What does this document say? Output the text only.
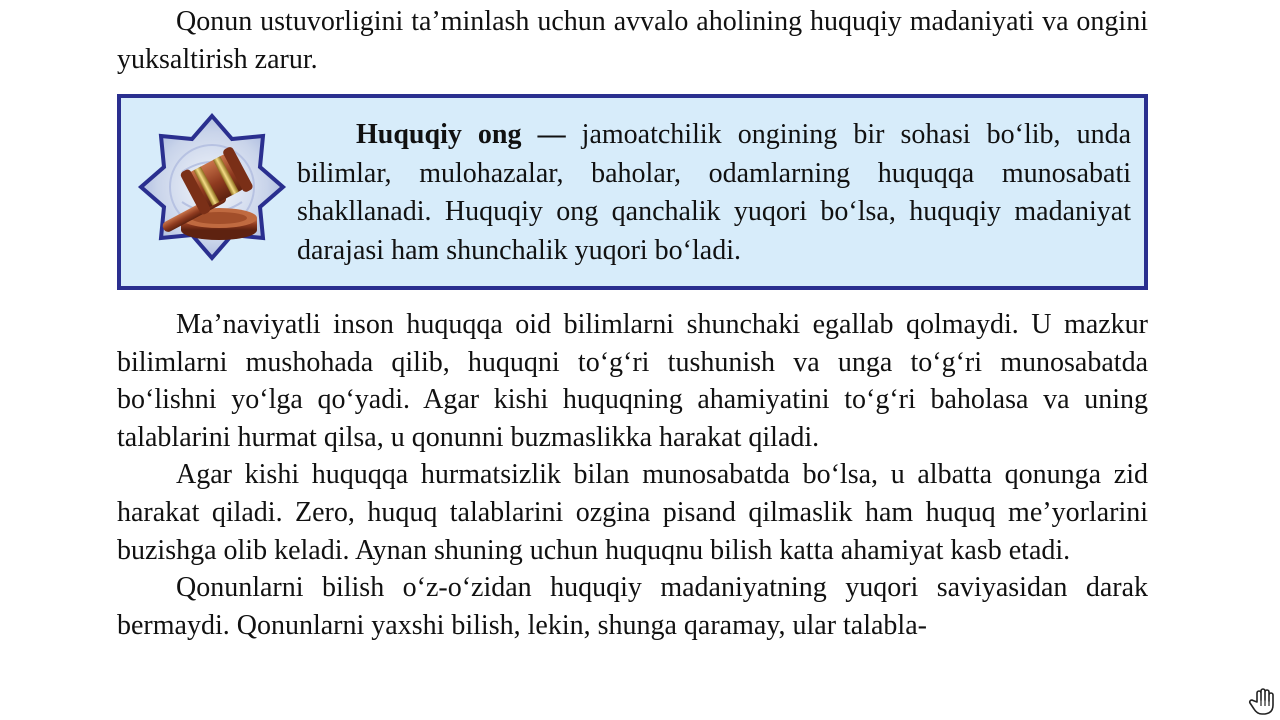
Qonun ustuvorligini ta’minlash uchun avvalo aholining huquqiy madaniyati va ongini yuksaltirish zarur.

Huquqiy ong — jamoatchilik ongining bir sohasi bo‘lib, unda bilimlar, mulohazalar, baholar, odamlarning huquqqa munosabati shakllanadi. Huquqiy ong qanchalik yuqori bo‘lsa, huquqiy madaniyat darajasi ham shunchalik yuqori bo‘ladi.

Ma’naviyatli inson huquqqa oid bilimlarni shunchaki egallab qolmaydi. U mazkur bilimlarni mushohada qilib, huquqni to‘g‘ri tushunish va unga to‘g‘ri munosabatda bo‘lishni yo‘lga qo‘yadi. Agar kishi huquqning ahamiyatini to‘g‘ri baholasa va uning talablarini hurmat qilsa, u qonunni buzmaslikka harakat qiladi.

Agar kishi huquqqa hurmatsizlik bilan munosabatda bo‘lsa, u albatta qonunga zid harakat qiladi. Zero, huquq talablarini ozgina pisand qilmaslik ham huquq me’yorlarini buzishga olib keladi. Aynan shuning uchun huquqnu bilish katta ahamiyat kasb etadi.

Qonunlarni bilish o‘z-o‘zidan huquqiy madaniyatning yuqori saviyasidan darak bermaydi. Qonunlarni yaxshi bilish, lekin, shunga qaramay, ular talabla-
